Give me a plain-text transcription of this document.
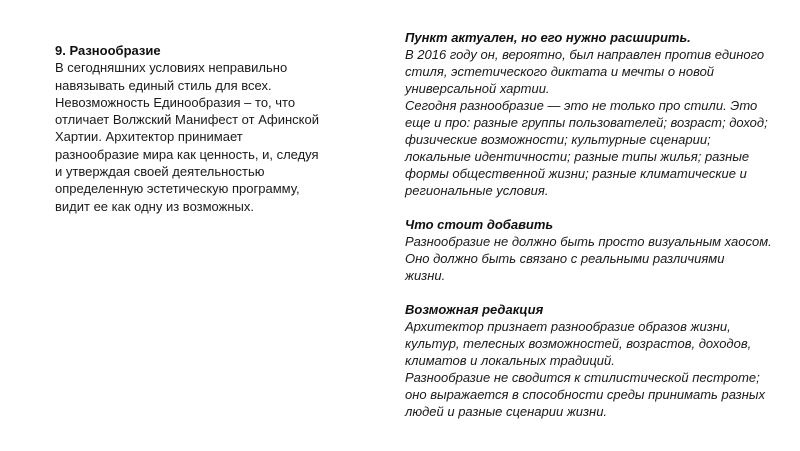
9. Разнообразие
В сегодняшних условиях неправильно
навязывать единый стиль для всех.
Невозможность Единообразия – то, что
отличает Волжский Манифест от Афинской
Хартии. Архитектор принимает
разнообразие мира как ценность, и, следуя
и утверждая своей деятельностью
определенную эстетическую программу,
видит ее как одну из возможных.
Пункт актуален, но его нужно расширить.
В 2016 году он, вероятно, был направлен против единого
стиля, эстетического диктата и мечты о новой
универсальной хартии.
Сегодня разнообразие — это не только про стили. Это
еще и про: разные группы пользователей; возраст; доход;
физические возможности; культурные сценарии;
локальные идентичности; разные типы жилья; разные
формы общественной жизни; разные климатические и
региональные условия.
Что стоит добавить
Разнообразие не должно быть просто визуальным хаосом.
Оно должно быть связано с реальными различиями
жизни.
Возможная редакция
Архитектор признает разнообразие образов жизни,
культур, телесных возможностей, возрастов, доходов,
климатов и локальных традиций.
Разнообразие не сводится к стилистической пестроте;
оно выражается в способности среды принимать разных
людей и разные сценарии жизни.
